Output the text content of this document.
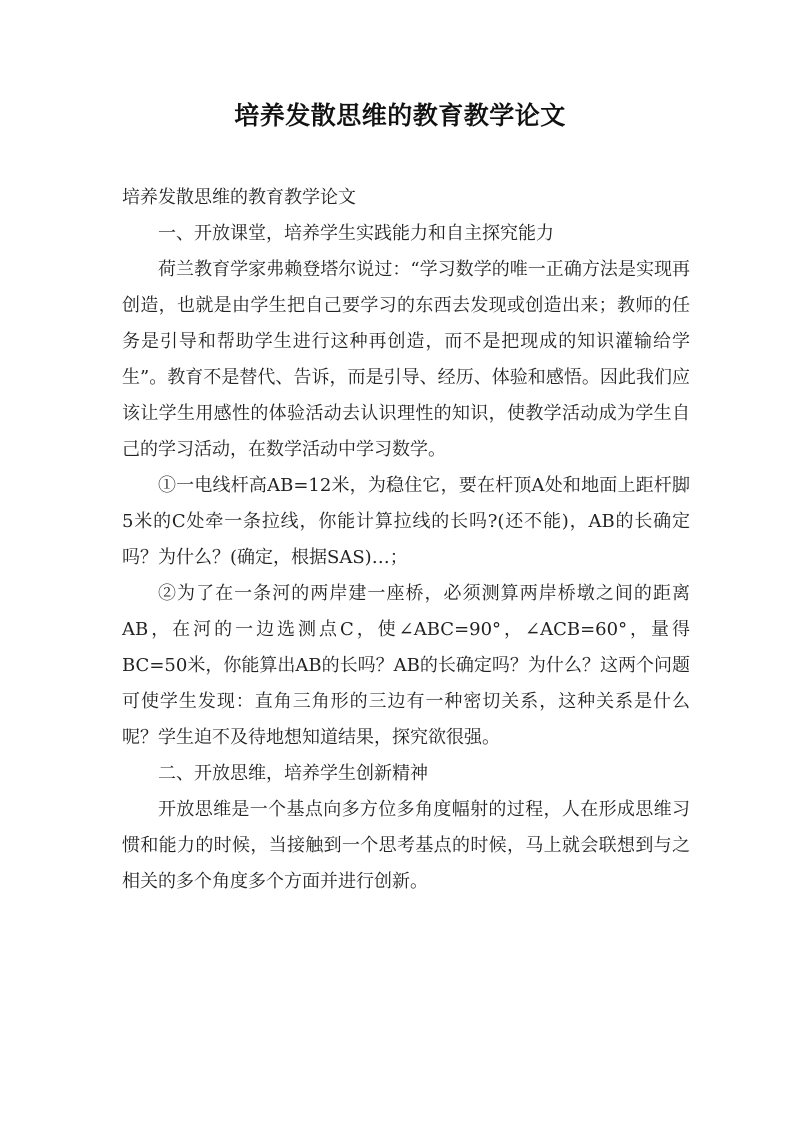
培养发散思维的教育教学论文

培养发散思维的教育教学论文

一、开放课堂，培养学生实践能力和自主探究能力

荷兰教育学家弗赖登塔尔说过：“学习数学的唯一正确方法是实现再创造，也就是由学生把自己要学习的东西去发现或创造出来；教师的任务是引导和帮助学生进行这种再创造，而不是把现成的知识灌输给学生”。教育不是替代、告诉，而是引导、经历、体验和感悟。因此我们应该让学生用感性的体验活动去认识理性的知识，使教学活动成为学生自己的学习活动，在数学活动中学习数学。

①一电线杆高AB=12米，为稳住它，要在杆顶A处和地面上距杆脚5米的C处牵一条拉线，你能计算拉线的长吗?(还不能)，AB的长确定吗？为什么？(确定，根据SAS)…；

②为了在一条河的两岸建一座桥，必须测算两岸桥墩之间的距离AB，在河的一边选测点C，使∠ABC=90°，∠ACB=60°，量得BC=50米，你能算出AB的长吗？AB的长确定吗？为什么？这两个问题可使学生发现：直角三角形的三边有一种密切关系，这种关系是什么呢？学生迫不及待地想知道结果，探究欲很强。

二、开放思维，培养学生创新精神

开放思维是一个基点向多方位多角度幅射的过程，人在形成思维习惯和能力的时候，当接触到一个思考基点的时候，马上就会联想到与之相关的多个角度多个方面并进行创新。
